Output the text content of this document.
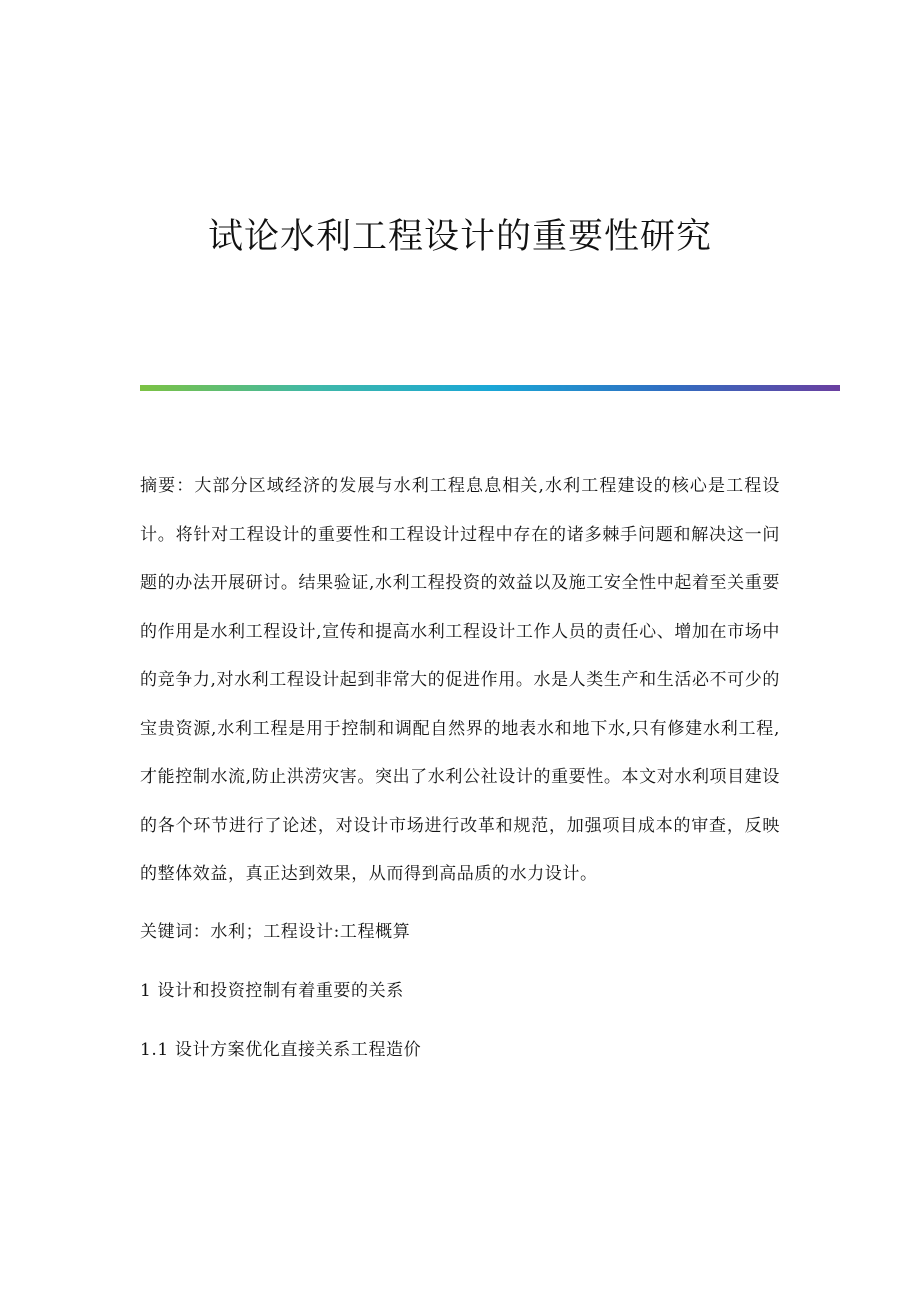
试论水利工程设计的重要性研究

摘要：大部分区域经济的发展与水利工程息息相关,水利工程建设的核心是工程设计。将针对工程设计的重要性和工程设计过程中存在的诸多棘手问题和解决这一问题的办法开展研讨。结果验证,水利工程投资的效益以及施工安全性中起着至关重要的作用是水利工程设计,宣传和提高水利工程设计工作人员的责任心、增加在市场中的竞争力,对水利工程设计起到非常大的促进作用。水是人类生产和生活必不可少的宝贵资源,水利工程是用于控制和调配自然界的地表水和地下水,只有修建水利工程,才能控制水流,防止洪涝灾害。突出了水利公社设计的重要性。本文对水利项目建设的各个环节进行了论述，对设计市场进行改革和规范，加强项目成本的审查，反映的整体效益，真正达到效果，从而得到高品质的水力设计。

关键词：水利；工程设计:工程概算

1 设计和投资控制有着重要的关系

1.1 设计方案优化直接关系工程造价
